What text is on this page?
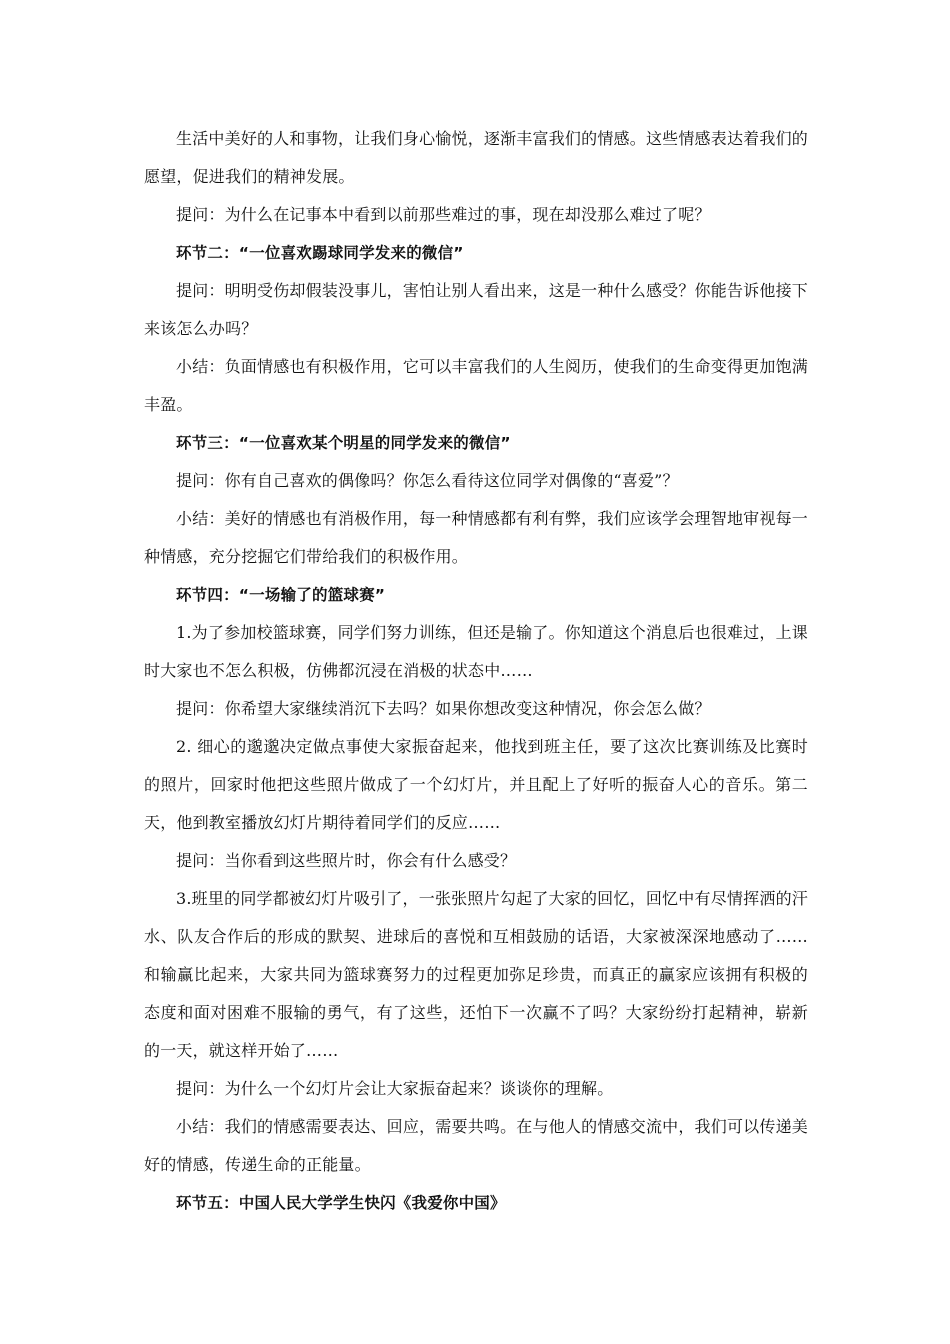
生活中美好的人和事物，让我们身心愉悦，逐渐丰富我们的情感。这些情感表达着我们的愿望，促进我们的精神发展。

提问：为什么在记事本中看到以前那些难过的事，现在却没那么难过了呢？

环节二：“一位喜欢踢球同学发来的微信”

提问：明明受伤却假装没事儿，害怕让别人看出来，这是一种什么感受？你能告诉他接下来该怎么办吗？

小结：负面情感也有积极作用，它可以丰富我们的人生阅历，使我们的生命变得更加饱满丰盈。

环节三：“一位喜欢某个明星的同学发来的微信”

提问：你有自己喜欢的偶像吗？你怎么看待这位同学对偶像的“喜爱”？

小结：美好的情感也有消极作用，每一种情感都有利有弊，我们应该学会理智地审视每一种情感，充分挖掘它们带给我们的积极作用。

环节四：“一场输了的篮球赛”

1.为了参加校篮球赛，同学们努力训练，但还是输了。你知道这个消息后也很难过，上课时大家也不怎么积极，仿佛都沉浸在消极的状态中……

提问：你希望大家继续消沉下去吗？如果你想改变这种情况，你会怎么做？

2. 细心的邈邈决定做点事使大家振奋起来，他找到班主任，要了这次比赛训练及比赛时的照片，回家时他把这些照片做成了一个幻灯片，并且配上了好听的振奋人心的音乐。第二天，他到教室播放幻灯片期待着同学们的反应……

提问：当你看到这些照片时，你会有什么感受？

3.班里的同学都被幻灯片吸引了，一张张照片勾起了大家的回忆，回忆中有尽情挥洒的汗水、队友合作后的形成的默契、进球后的喜悦和互相鼓励的话语，大家被深深地感动了……和输赢比起来，大家共同为篮球赛努力的过程更加弥足珍贵，而真正的赢家应该拥有积极的态度和面对困难不服输的勇气，有了这些，还怕下一次赢不了吗？大家纷纷打起精神，崭新的一天，就这样开始了……

提问：为什么一个幻灯片会让大家振奋起来？谈谈你的理解。

小结：我们的情感需要表达、回应，需要共鸣。在与他人的情感交流中，我们可以传递美好的情感，传递生命的正能量。

环节五：中国人民大学学生快闪《我爱你中国》
